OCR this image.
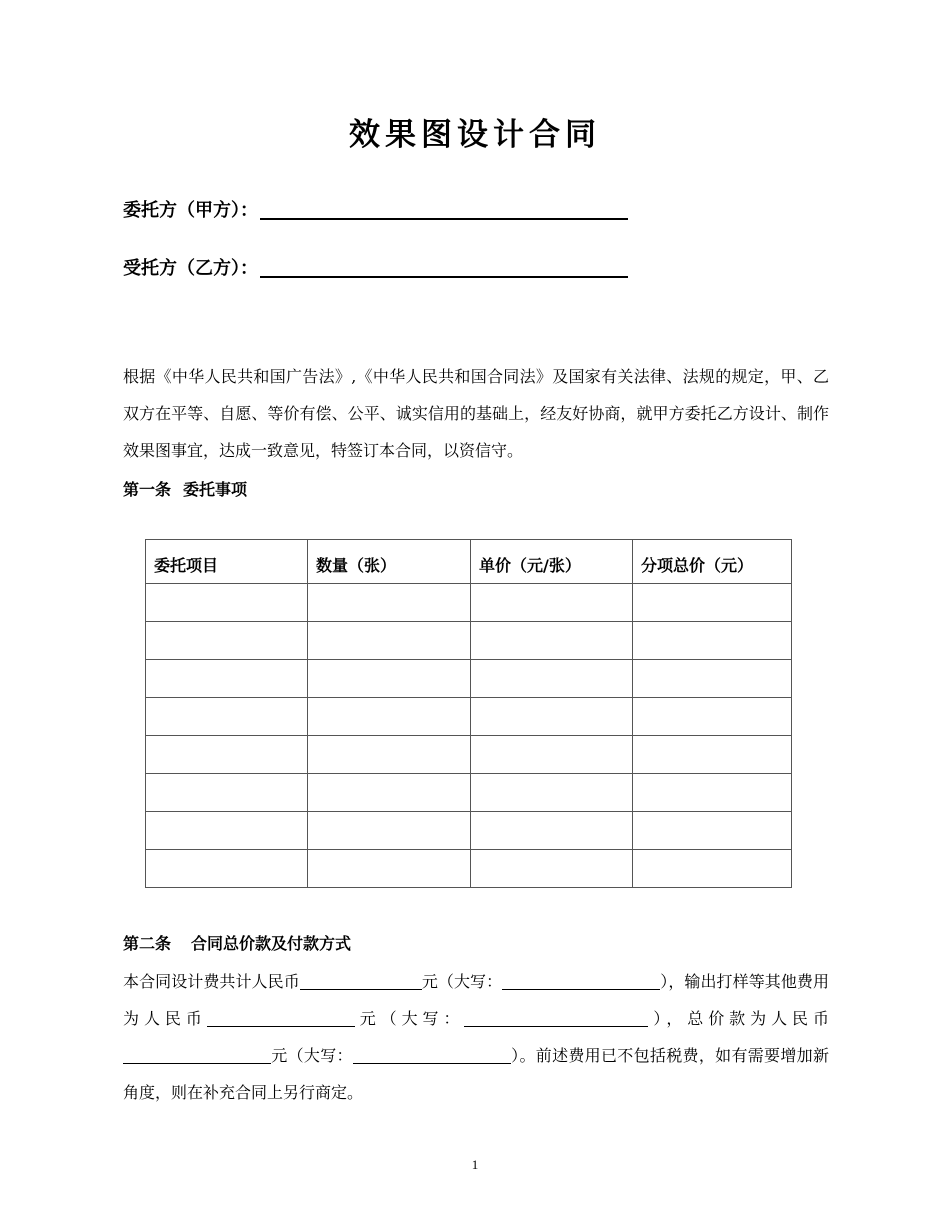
效果图设计合同
委托方（甲方）：
受托方（乙方）：

根据《中华人民共和国广告法》,《中华人民共和国合同法》及国家有关法律、法规的规定，甲、乙双方在平等、自愿、等价有偿、公平、诚实信用的基础上，经友好协商，就甲方委托乙方设计、制作效果图事宜，达成一致意见，特签订本合同，以资信守。

第一条 委托事项
委托项目	数量（张）	单价（元/张）	分项总价（元）

第二条 合同总价款及付款方式

本合同设计费共计人民币	元（大写：	），输出打样等其他费用为人民币	元（大写：	），总价款为人民币元（大写：	）。前述费用已不包括税费，如有需要增加新角度，则在补充合同上另行商定。

1
